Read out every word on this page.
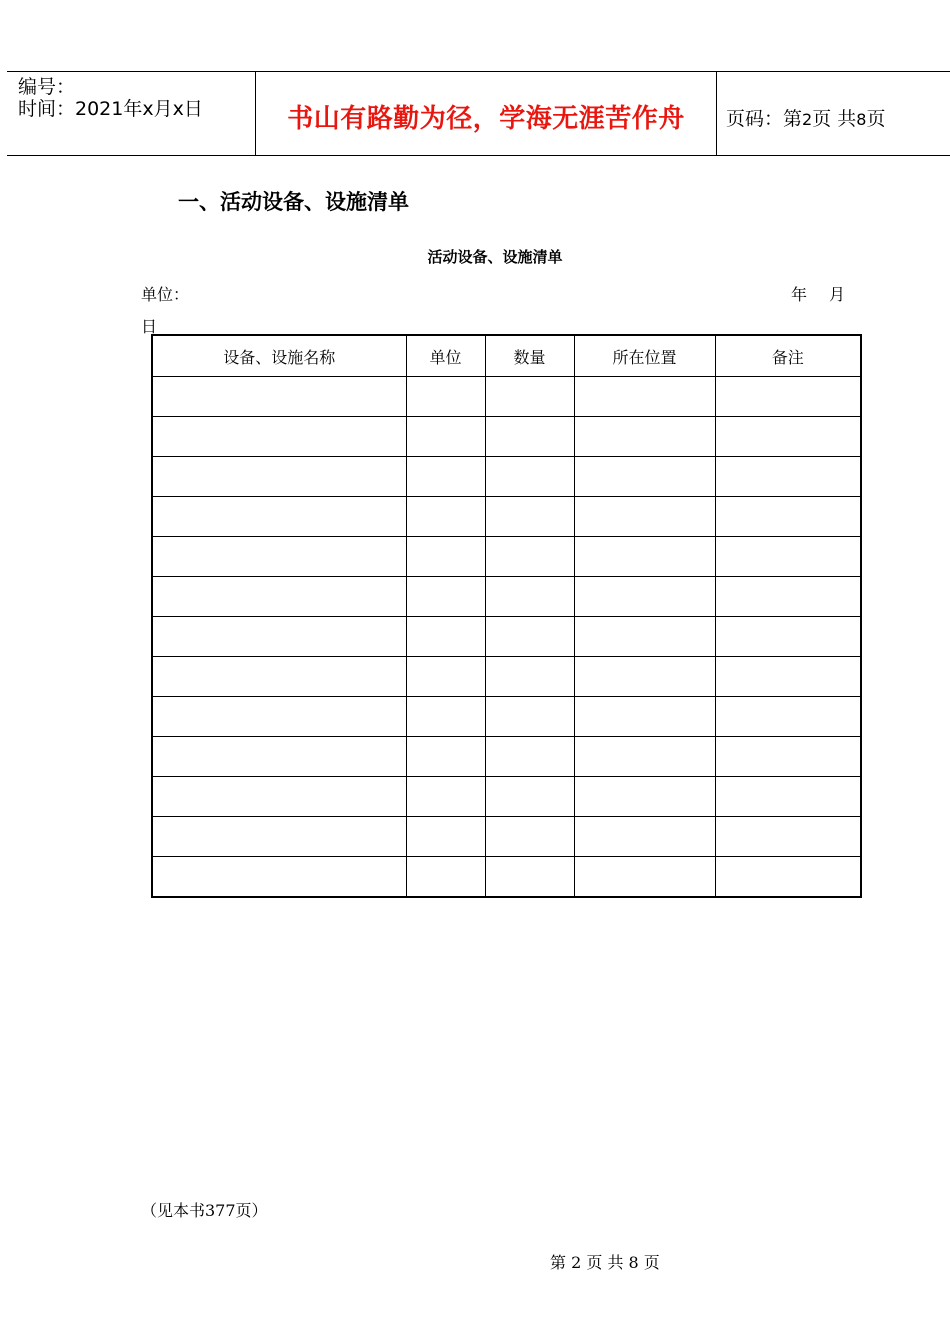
编号：
时间：2021年x月x日	书山有路勤为径，学海无涯苦作舟	页码：第2页 共8页
一、活动设备、设施清单
活动设备、设施清单
单位：	年 月
日
设备、设施名称	单位	数量	所在位置	备注

（见本书377页）
第 2 页 共 8 页
